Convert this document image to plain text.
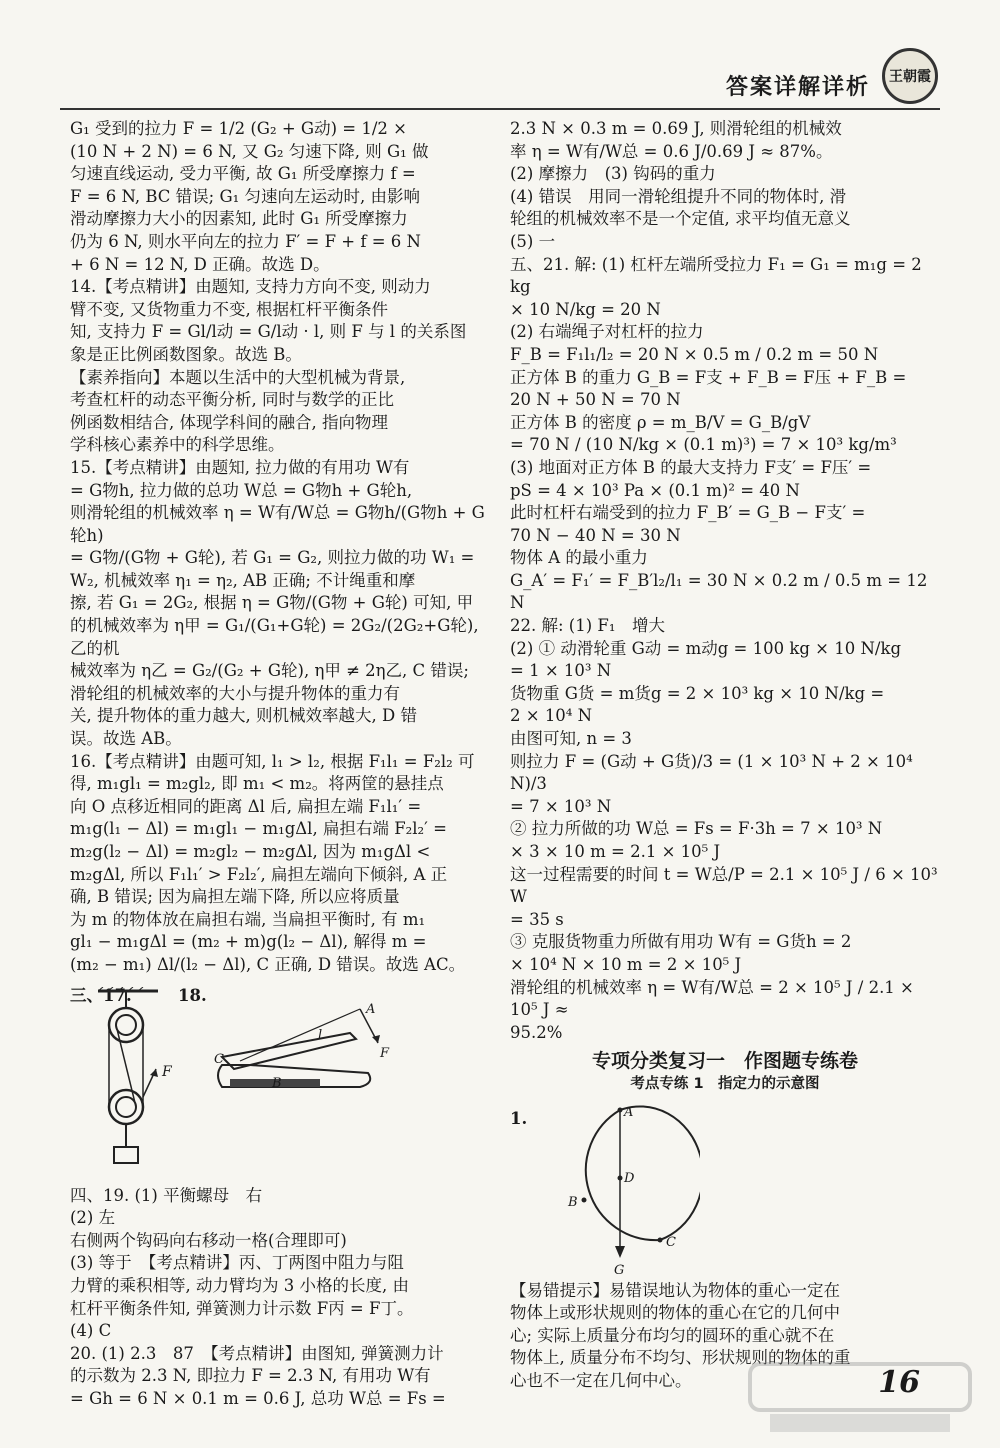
答案详解详析 王朝霞
G₁ 受到的拉力 F = 1/2 (G₂ + G动) = 1/2 ×
(10 N + 2 N) = 6 N, 又 G₂ 匀速下降, 则 G₁ 做
匀速直线运动, 受力平衡, 故 G₁ 所受摩擦力 f =
F = 6 N, BC 错误; G₁ 匀速向左运动时, 由影响
滑动摩擦力大小的因素知, 此时 G₁ 所受摩擦力
仍为 6 N, 则水平向左的拉力 F′ = F + f = 6 N
+ 6 N = 12 N, D 正确。故选 D。
14.【考点精讲】由题知, 支持力方向不变, 则动力
臂不变, 又货物重力不变, 根据杠杆平衡条件
知, 支持力 F = Gl/l动 = G/l动 · l, 则 F 与 l 的关系图
象是正比例函数图象。故选 B。
【素养指向】本题以生活中的大型机械为背景,
考查杠杆的动态平衡分析, 同时与数学的正比
例函数相结合, 体现学科间的融合, 指向物理
学科核心素养中的科学思维。
15.【考点精讲】由题知, 拉力做的有用功 W有
= G物h, 拉力做的总功 W总 = G物h + G轮h,
则滑轮组的机械效率 η = W有/W总 = G物h/(G物h + G轮h)
= G物/(G物 + G轮), 若 G₁ = G₂, 则拉力做的功 W₁ =
W₂, 机械效率 η₁ = η₂, AB 正确; 不计绳重和摩
擦, 若 G₁ = 2G₂, 根据 η = G物/(G物 + G轮) 可知, 甲
的机械效率为 η甲 = G₁/(G₁+G轮) = 2G₂/(2G₂+G轮), 乙的机
械效率为 η乙 = G₂/(G₂ + G轮), η甲 ≠ 2η乙, C 错误;
滑轮组的机械效率的大小与提升物体的重力有
关, 提升物体的重力越大, 则机械效率越大, D 错
误。故选 AB。
16.【考点精讲】由题可知, l₁ > l₂, 根据 F₁l₁ = F₂l₂ 可
得, m₁gl₁ = m₂gl₂, 即 m₁ < m₂。将两筐的悬挂点
向 O 点移近相同的距离 Δl 后, 扁担左端 F₁l₁′ =
m₁g(l₁ − Δl) = m₁gl₁ − m₁gΔl, 扁担右端 F₂l₂′ =
m₂g(l₂ − Δl) = m₂gl₂ − m₂gΔl, 因为 m₁gΔl <
m₂gΔl, 所以 F₁l₁′ > F₂l₂′, 扁担左端向下倾斜, A 正
确, B 错误; 因为扁担左端下降, 所以应将质量
为 m 的物体放在扁担右端, 当扁担平衡时, 有 m₁
gl₁ − m₁gΔl = (m₂ + m)g(l₂ − Δl), 解得 m =
(m₂ − m₁) Δl/(l₂ − Δl), C 正确, D 错误。故选 AC。
三、17.
F
18.
C
B
l
A
F
四、19. (1) 平衡螺母　右
(2) 左
右侧两个钩码向右移动一格(合理即可)
(3) 等于　【考点精讲】丙、丁两图中阻力与阻
力臂的乘积相等, 动力臂均为 3 小格的长度, 由
杠杆平衡条件知, 弹簧测力计示数 F丙 = F丁。
(4) C
20. (1) 2.3　87　【考点精讲】由图知, 弹簧测力计
的示数为 2.3 N, 即拉力 F = 2.3 N, 有用功 W有
= Gh = 6 N × 0.1 m = 0.6 J, 总功 W总 = Fs =
2.3 N × 0.3 m = 0.69 J, 则滑轮组的机械效
率 η = W有/W总 = 0.6 J/0.69 J ≈ 87%。
(2) 摩擦力　(3) 钩码的重力
(4) 错误　用同一滑轮组提升不同的物体时, 滑
轮组的机械效率不是一个定值, 求平均值无意义
(5) 一
五、21. 解: (1) 杠杆左端所受拉力 F₁ = G₁ = m₁g = 2 kg
× 10 N/kg = 20 N
(2) 右端绳子对杠杆的拉力
F_B = F₁l₁/l₂ = 20 N × 0.5 m / 0.2 m = 50 N
正方体 B 的重力 G_B = F支 + F_B = F压 + F_B =
20 N + 50 N = 70 N
正方体 B 的密度 ρ = m_B/V = G_B/gV
= 70 N / (10 N/kg × (0.1 m)³) = 7 × 10³ kg/m³
(3) 地面对正方体 B 的最大支持力 F支′ = F压′ =
pS = 4 × 10³ Pa × (0.1 m)² = 40 N
此时杠杆右端受到的拉力 F_B′ = G_B − F支′ =
70 N − 40 N = 30 N
物体 A 的最小重力
G_A′ = F₁′ = F_B′l₂/l₁ = 30 N × 0.2 m / 0.5 m = 12 N
22. 解: (1) F₁　增大
(2) ① 动滑轮重 G动 = m动g = 100 kg × 10 N/kg
= 1 × 10³ N
货物重 G货 = m货g = 2 × 10³ kg × 10 N/kg =
2 × 10⁴ N
由图可知, n = 3
则拉力 F = (G动 + G货)/3 = (1 × 10³ N + 2 × 10⁴ N)/3
= 7 × 10³ N
② 拉力所做的功 W总 = Fs = F·3h = 7 × 10³ N
× 3 × 10 m = 2.1 × 10⁵ J
这一过程需要的时间 t = W总/P = 2.1 × 10⁵ J / 6 × 10³ W
= 35 s
③ 克服货物重力所做有用功 W有 = G货h = 2
× 10⁴ N × 10 m = 2 × 10⁵ J
滑轮组的机械效率 η = W有/W总 = 2 × 10⁵ J / 2.1 × 10⁵ J ≈
95.2%
专项分类复习一　作图题专练卷
考点专练 1　指定力的示意图
1.	A
D
B
C
G
【易错提示】易错误地认为物体的重心一定在
物体上或形状规则的物体的重心在它的几何中
心; 实际上质量分布均匀的圆环的重心就不在
物体上, 质量分布不均匀、形状规则的物体的重
心也不一定在几何中心。	16
